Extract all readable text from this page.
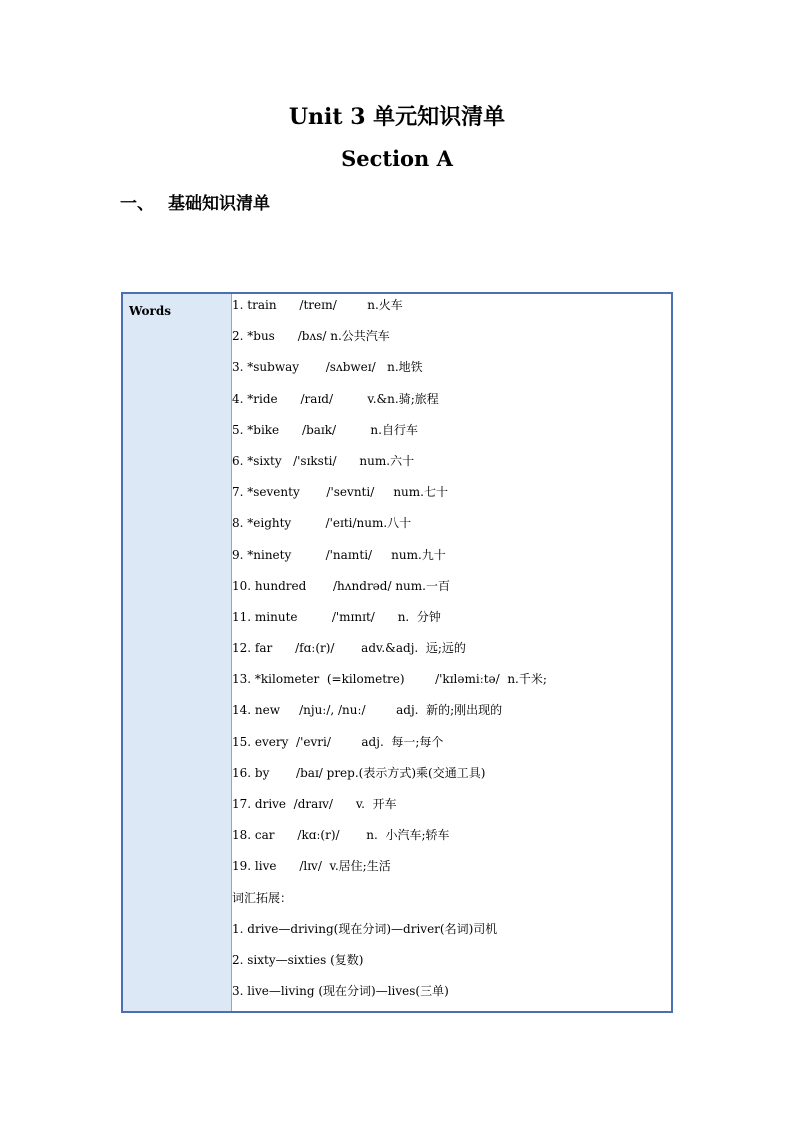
Unit 3 单元知识清单
Section A
一、 基础知识清单
Words	1. train      /treɪn/        n.火车
2. *bus      /bʌs/ n.公共汽车
3. *subway       /sʌbweɪ/   n.地铁
4. *ride      /raɪd/         v.&n.骑;旅程
5. *bike      /baɪk/         n.自行车
6. *sixty   /'sɪksti/      num.六十
7. *seventy       /'sevnti/     num.七十
8. *eighty         /'eɪti/num.八十
9. *ninety         /'naɪnti/     num.九十
10. hundred       /hʌndrəd/ num.一百
11. minute         /'mɪnɪt/      n.  分钟
12. far      /fɑː(r)/       adv.&adj.  远;远的
13. *kilometer  (=kilometre)        /'kɪləmiːtə/  n.千米;
14. new     /njuː/, /nuː/        adj.  新的;刚出现的
15. every  /'evri/        adj.  每一;每个
16. by       /baɪ/ prep.(表示方式)乘(交通工具)
17. drive  /draɪv/      v.  开车
18. car      /kɑː(r)/       n.  小汽车;轿车
19. live      /lɪv/  v.居住;生活
词汇拓展：
1. drive—driving(现在分词)—driver(名词)司机
2. sixty—sixties (复数)
3. live—living (现在分词)—lives(三单)
